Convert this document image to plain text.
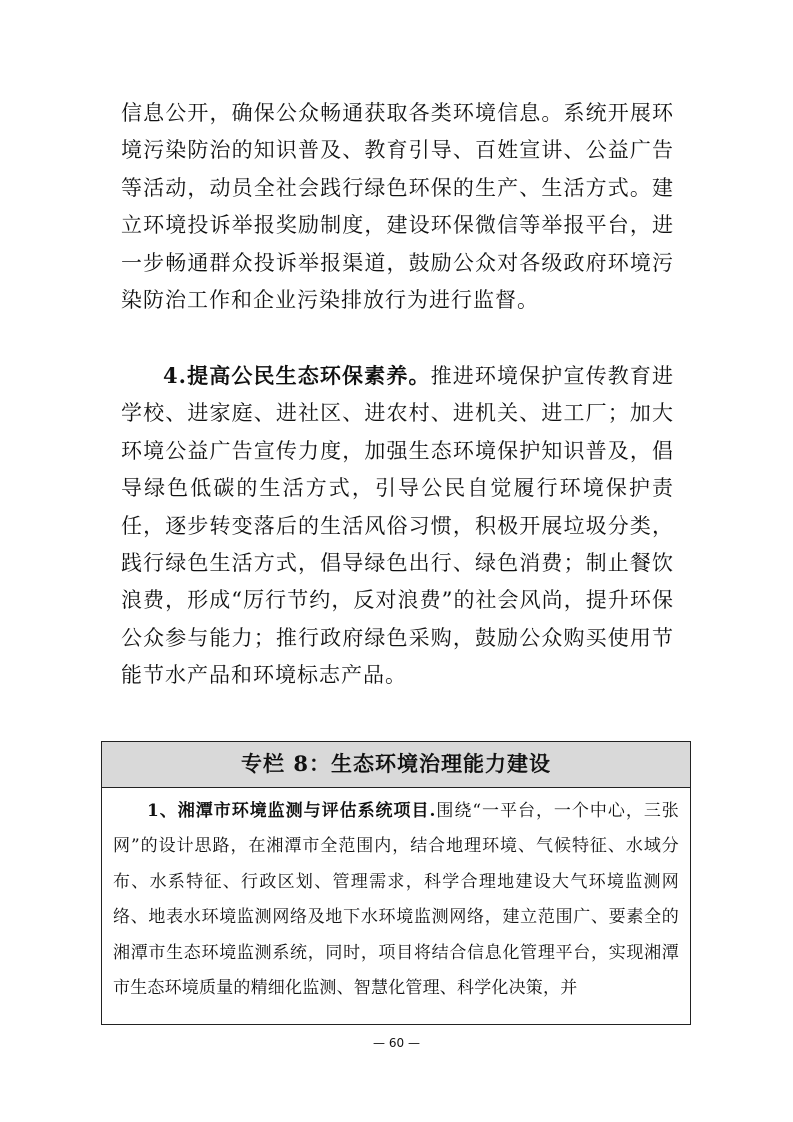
信息公开，确保公众畅通获取各类环境信息。系统开展环境污染防治的知识普及、教育引导、百姓宣讲、公益广告等活动，动员全社会践行绿色环保的生产、生活方式。建立环境投诉举报奖励制度，建设环保微信等举报平台，进一步畅通群众投诉举报渠道，鼓励公众对各级政府环境污染防治工作和企业污染排放行为进行监督。
4.提高公民生态环保素养。推进环境保护宣传教育进学校、进家庭、进社区、进农村、进机关、进工厂；加大环境公益广告宣传力度，加强生态环境保护知识普及，倡导绿色低碳的生活方式，引导公民自觉履行环境保护责任，逐步转变落后的生活风俗习惯，积极开展垃圾分类，践行绿色生活方式，倡导绿色出行、绿色消费；制止餐饮浪费，形成“厉行节约，反对浪费”的社会风尚，提升环保公众参与能力；推行政府绿色采购，鼓励公众购买使用节能节水产品和环境标志产品。
专栏 8：生态环境治理能力建设
1、湘潭市环境监测与评估系统项目.围绕“一平台，一个中心，三张网”的设计思路，在湘潭市全范围内，结合地理环境、气候特征、水域分布、水系特征、行政区划、管理需求，科学合理地建设大气环境监测网络、地表水环境监测网络及地下水环境监测网络，建立范围广、要素全的湘潭市生态环境监测系统，同时，项目将结合信息化管理平台，实现湘潭市生态环境质量的精细化监测、智慧化管理、科学化决策，并
— 60 —
